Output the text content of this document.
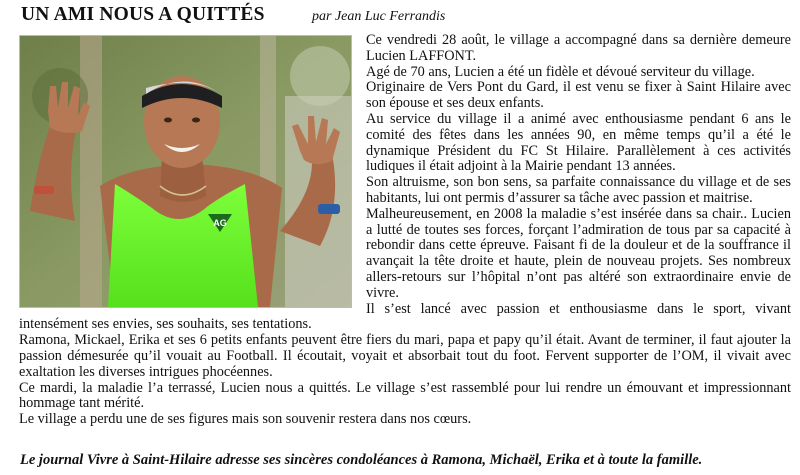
UN AMI NOUS A QUITTÉS	par Jean Luc Ferrandis
AG

Ce vendredi 28 août, le village a accompagné dans sa dernière demeure Lucien LAFFONT.

Agé de 70 ans, Lucien a été un fidèle et dévoué serviteur du village.

Originaire de Vers Pont du Gard, il est venu se fixer à Saint Hilaire avec son épouse et ses deux enfants.

Au service du village il a animé avec enthousiasme pendant 6 ans le comité des fêtes dans les années 90, en même temps qu’il a été le dynamique Président du FC St Hilaire. Parallèlement à ces activités ludiques il était adjoint à la Mairie pendant 13 années.

Son altruisme, son bon sens, sa parfaite connaissance du village et de ses habitants, lui ont permis d’assurer sa tâche avec passion et maitrise.

Malheureusement, en 2008 la maladie s’est insérée dans sa chair.. Lucien a lutté de toutes ses forces, forçant l’admiration de tous par sa capacité à rebondir dans cette épreuve. Faisant fi de la douleur et de la souffrance il avançait la tête droite et haute, plein de nouveau projets. Ses nombreux allers-retours sur l’hôpital n’ont pas altéré son extraordinaire envie de vivre.

Il s’est lancé avec passion et enthousiasme dans le sport, vivant intensément ses envies, ses souhaits, ses tentations.

Ramona, Mickael, Erika et ses 6 petits enfants peuvent être fiers du mari, papa et papy qu’il était. Avant de terminer, il faut ajouter la passion démesurée qu’il vouait au Football. Il écoutait, voyait et absorbait tout du foot. Fervent supporter de l’OM, il vivait avec exaltation les diverses intrigues phocéennes.

Ce mardi, la maladie l’a terrassé, Lucien nous a quittés. Le village s’est rassemblé pour lui rendre un émouvant et impressionnant hommage tant mérité.

Le village a perdu une de ses figures mais son souvenir restera dans nos cœurs.

Le journal Vivre à Saint-Hilaire adresse ses sincères condoléances à Ramona, Michaël, Erika et à toute la famille.
